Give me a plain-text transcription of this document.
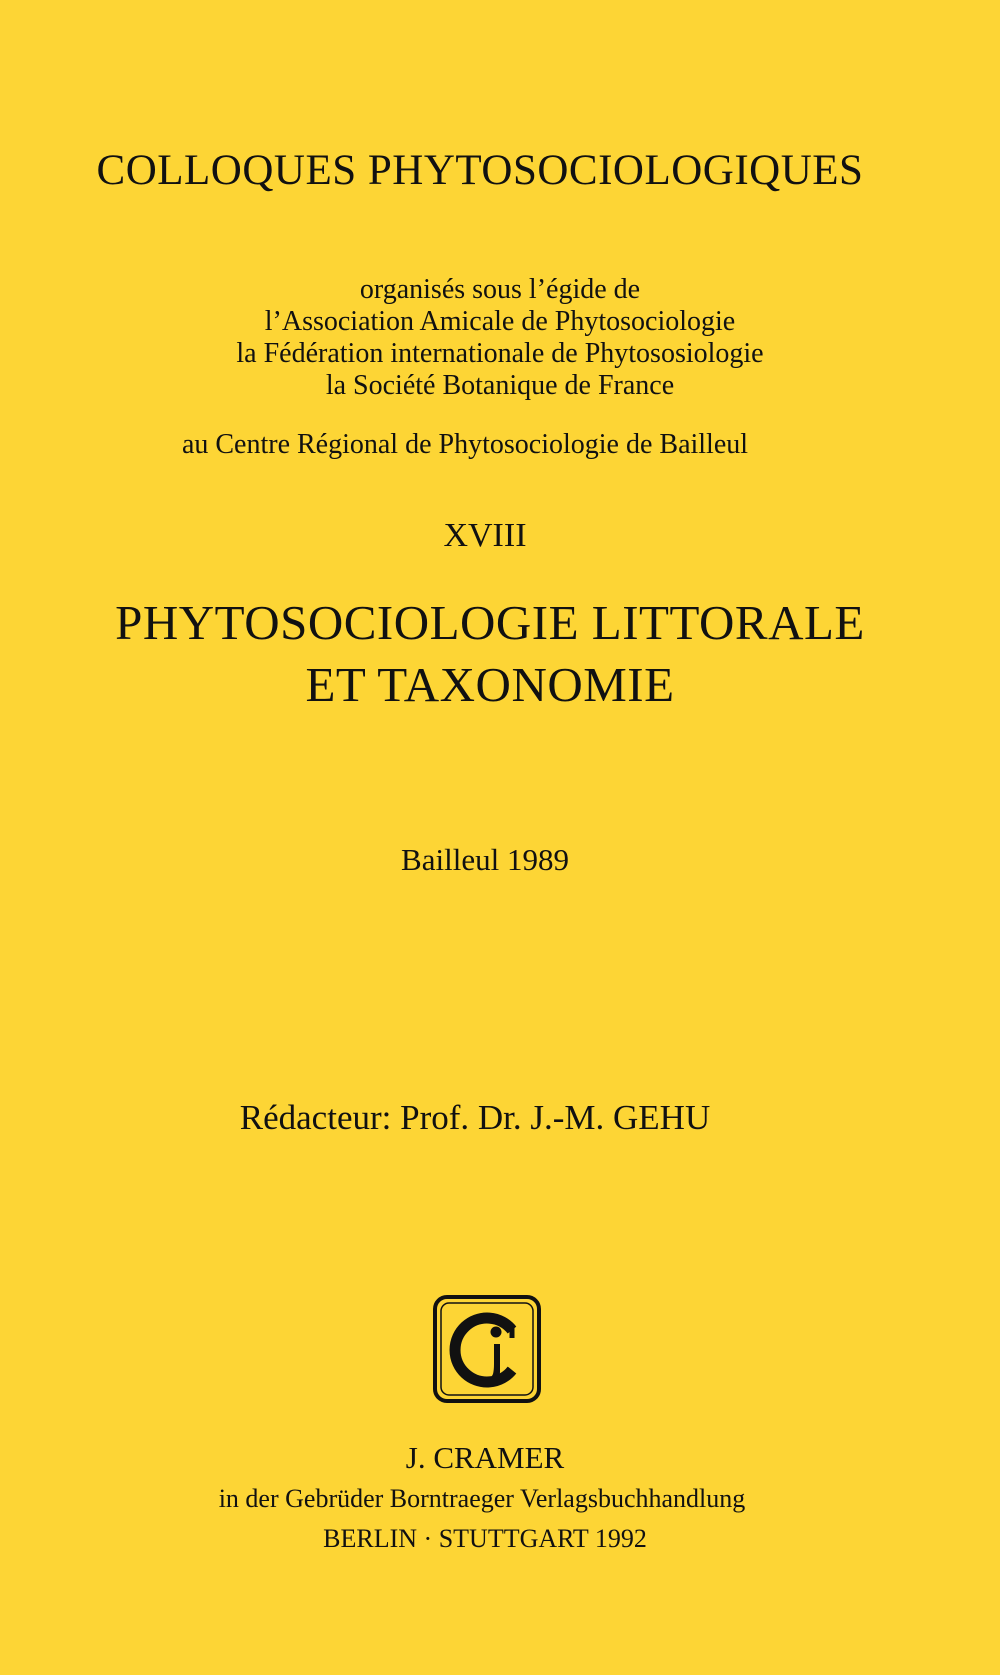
COLLOQUES PHYTOSOCIOLOGIQUES
organisés sous l’égide de
l’Association Amicale de Phytosociologie
la Fédération internationale de Phytososiologie
la Société Botanique de France
au Centre Régional de Phytosociologie de Bailleul
XVIII
PHYTOSOCIOLOGIE LITTORALE
ET TAXONOMIE
Bailleul 1989
Rédacteur: Prof. Dr. J.-M. GEHU
J. CRAMER
in der Gebrüder Borntraeger Verlagsbuchhandlung
BERLIN · STUTTGART 1992
